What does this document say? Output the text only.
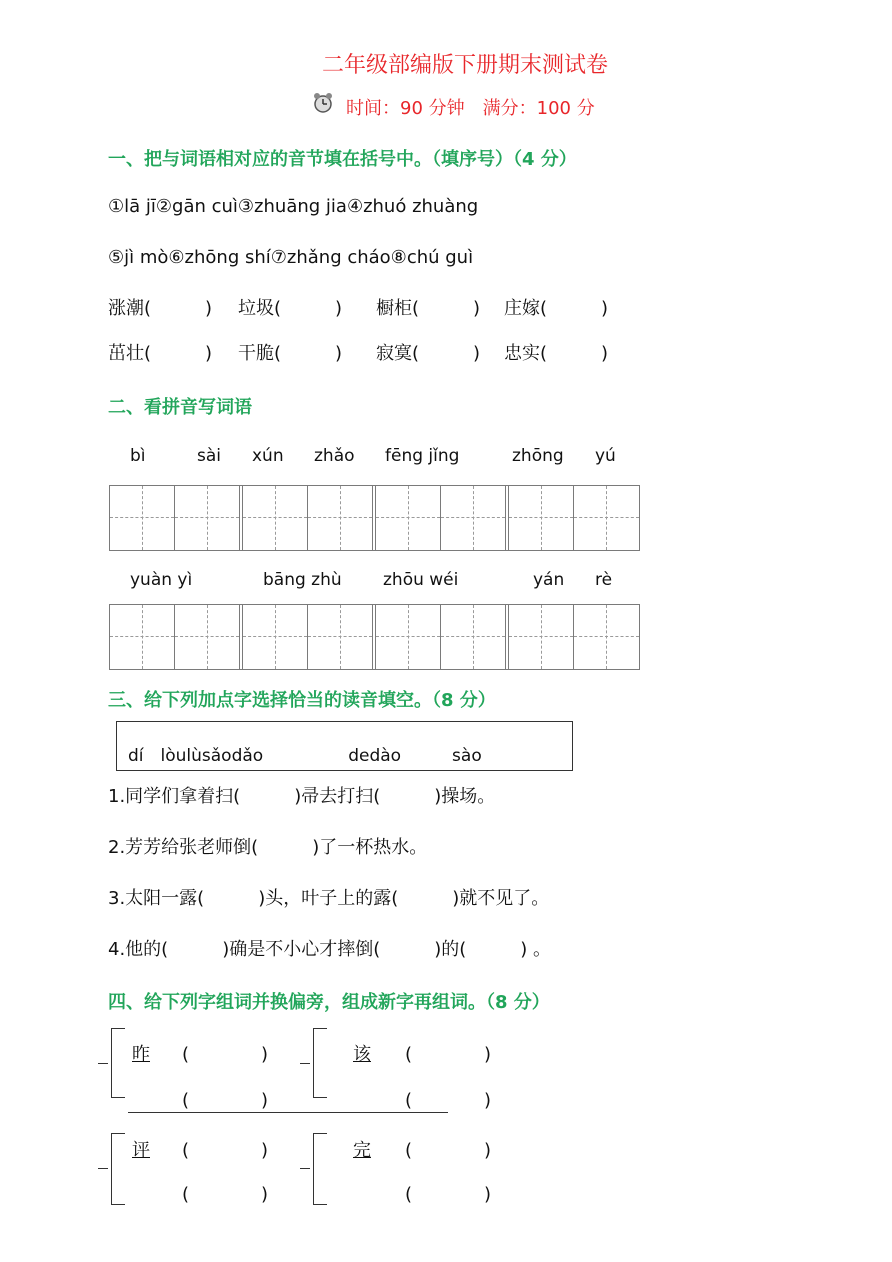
二年级部编版下册期末测试卷
时间：90 分钟　满分：100 分
一、把与词语相对应的音节填在括号中。（填序号）（4 分）
①lā jī②gān cuì③zhuāng jia④zhuó zhuàng
⑤jì mò⑥zhōng shí⑦zhǎng cháo⑧chú guì
涨潮(　　　) 垃圾(　　　) 橱柜(　　　) 庄嫁(　　　)
茁壮(　　　) 干脆(　　　) 寂寞(　　　) 忠实(　　　)
二、看拼音写词语
bì	sài xún zhǎo fēng jǐng	zhōng yú
yuàn yì	bāng zhù zhōu wéi	yán rè
三、给下列加点字选择恰当的读音填空。（8 分）
dí　lòulùsǎodǎo　　　　　dedào　　　sào
1.同学们拿着扫(　　　)帚去打扫(　　　)操场。
2.芳芳给张老师倒(　　　)了一杯热水。
3.太阳一露(　　　)头，叶子上的露(　　　)就不见了。
4.他的(　　　)确是不小心才摔倒(　　　)的(　　　) 。
四、给下列字组词并换偏旁，组成新字再组词。（8 分）
昨 (　　　　)
(　　　　)
该 (　　　　)
(　　　　)
评 (　　　　)
(　　　　)
完 (　　　　)
(　　　　)
